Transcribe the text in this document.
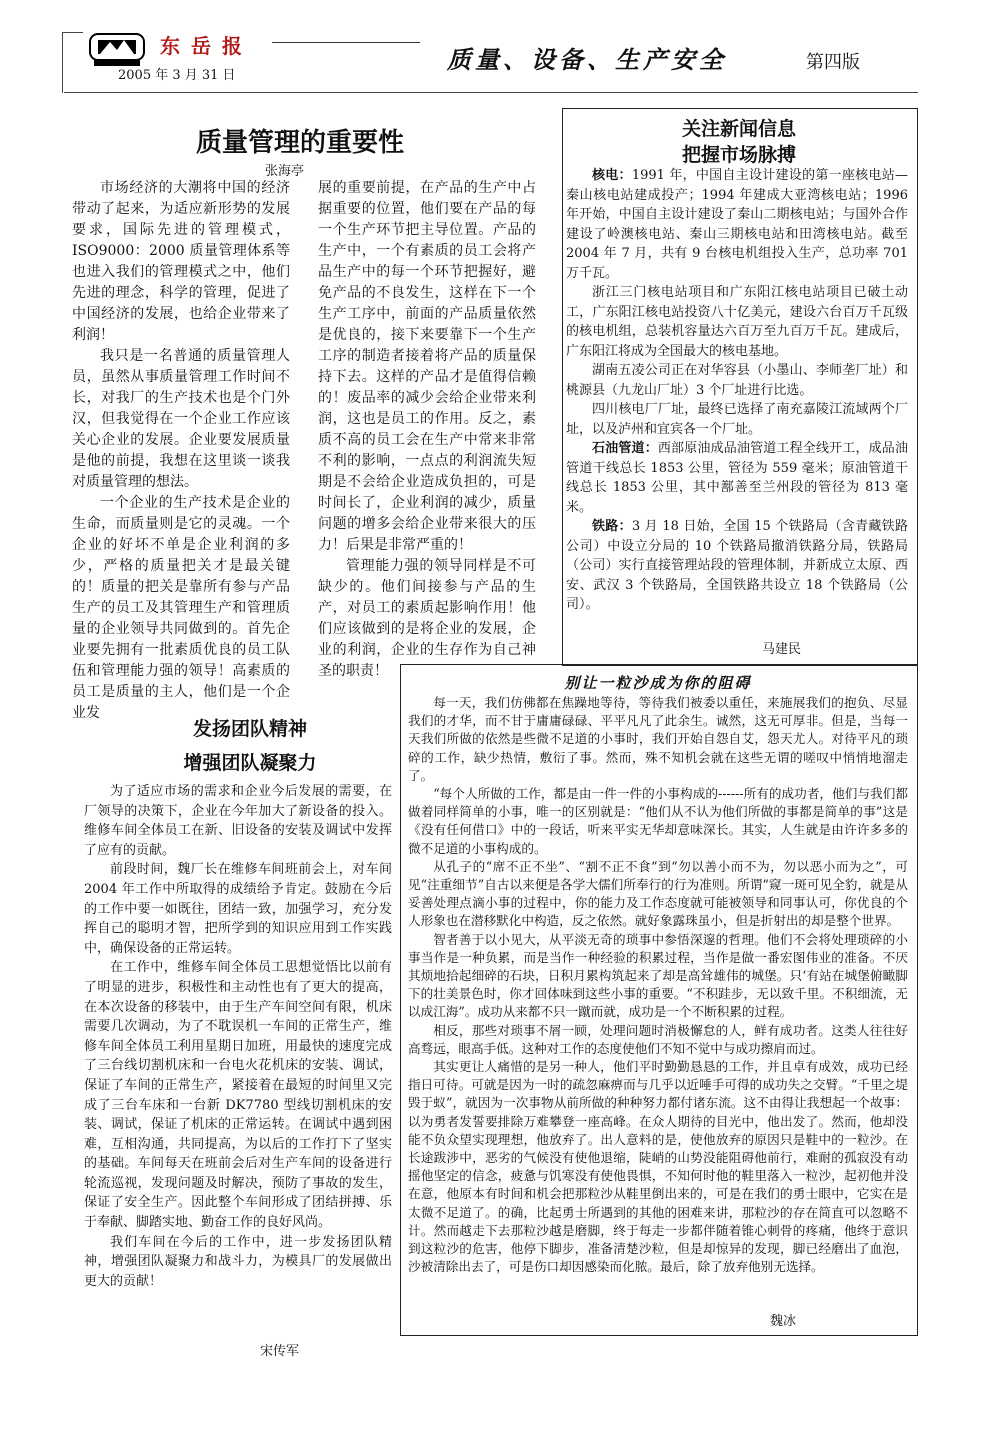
东 岳 报
2005 年 3 月 31 日
质量、设备、生产安全	第四版
质量管理的重要性
张海亭

市场经济的大潮将中国的经济带动了起来，为适应新形势的发展要求，国际先进的管理模式，ISO9000：2000 质量管理体系等也进入我们的管理模式之中，他们先进的理念，科学的管理，促进了中国经济的发展，也给企业带来了利润！

我只是一名普通的质量管理人员，虽然从事质量管理工作时间不长，对我厂的生产技术也是个门外汉，但我觉得在一个企业工作应该关心企业的发展。企业要发展质量是他的前提，我想在这里谈一谈我对质量管理的想法。

一个企业的生产技术是企业的生命，而质量则是它的灵魂。一个企业的好坏不单是企业利润的多少，严格的质量把关才是最关键的！质量的把关是靠所有参与产品生产的员工及其管理生产和管理质量的企业领导共同做到的。首先企业要先拥有一批素质优良的员工队伍和管理能力强的领导！高素质的员工是质量的主人，他们是一个企业发

展的重要前提，在产品的生产中占据重要的位置，他们要在产品的每一个生产环节把主导位置。产品的生产中，一个有素质的员工会将产品生产中的每一个环节把握好，避免产品的不良发生，这样在下一个生产工序中，前面的产品质量依然是优良的，接下来要靠下一个生产工序的制造者接着将产品的质量保持下去。这样的产品才是值得信赖的！废品率的减少会给企业带来利润，这也是员工的作用。反之，素质不高的员工会在生产中常来非常不利的影响，一点点的利润流失短期是不会给企业造成负担的，可是时间长了，企业利润的减少，质量问题的增多会给企业带来很大的压力！后果是非常严重的！

管理能力强的领导同样是不可缺少的。他们间接参与产品的生产，对员工的素质起影响作用！他们应该做到的是将企业的发展，企业的利润，企业的生存作为自己神圣的职责！

关注新闻信息
把握市场脉搏

核电：1991 年，中国自主设计建设的第一座核电站—秦山核电站建成投产；1994 年建成大亚湾核电站；1996 年开始，中国自主设计建设了秦山二期核电站；与国外合作建设了岭澳核电站、秦山三期核电站和田湾核电站。截至 2004 年 7 月，共有 9 台核电机组投入生产，总功率 701 万千瓦。

浙江三门核电站项目和广东阳江核电站项目已破土动工，广东阳江核电站投资八十亿美元，建设六台百万千瓦级的核电机组，总装机容量达六百万至九百万千瓦。建成后，广东阳江将成为全国最大的核电基地。

湖南五凌公司正在对华容县（小墨山、李师垄厂址）和桃源县（九龙山厂址）3 个厂址进行比选。

四川核电厂厂址，最终已选择了南充嘉陵江流域两个厂址，以及泸州和宜宾各一个厂址。

石油管道：西部原油成品油管道工程全线开工，成品油管道干线总长 1853 公里，管径为 559 毫米；原油管道干线总长 1853 公里，其中鄯善至兰州段的管径为 813 毫米。

铁路：3 月 18 日始，全国 15 个铁路局（含青藏铁路公司）中设立分局的 10 个铁路局撤消铁路分局，铁路局（公司）实行直接管理站段的管理体制，并新成立太原、西安、武汉 3 个铁路局，全国铁路共设立 18 个铁路局（公司）。

马建民
发扬团队精神
增强团队凝聚力

为了适应市场的需求和企业今后发展的需要，在厂领导的决策下，企业在今年加大了新设备的投入。维修车间全体员工在新、旧设备的安装及调试中发挥了应有的贡献。

前段时间，魏厂长在维修车间班前会上，对车间 2004 年工作中所取得的成绩给予肯定。鼓励在今后的工作中要一如既往，团结一致，加强学习，充分发挥自己的聪明才智，把所学到的知识应用到工作实践中，确保设备的正常运转。

在工作中，维修车间全体员工思想觉悟比以前有了明显的进步，积极性和主动性也有了更大的提高，在本次设备的移装中，由于生产车间空间有限，机床需要几次调动，为了不耽误机一车间的正常生产，维修车间全体员工利用星期日加班，用最快的速度完成了三台线切割机床和一台电火花机床的安装、调试，保证了车间的正常生产，紧接着在最短的时间里又完成了三台车床和一台新 DK7780 型线切割机床的安装、调试，保证了机床的正常运转。在调试中遇到困难，互相沟通，共同提高，为以后的工作打下了坚实的基础。车间每天在班前会后对生产车间的设备进行轮流巡视，发现问题及时解决，预防了事故的发生，保证了安全生产。因此整个车间形成了团结拼搏、乐于奉献、脚踏实地、勤奋工作的良好风尚。

我们车间在今后的工作中，进一步发扬团队精神，增强团队凝聚力和战斗力，为模具厂的发展做出更大的贡献！

宋传军
别让一粒沙成为你的阻碍

每一天，我们仿佛都在焦躁地等待，等待我们被委以重任，来施展我们的抱负、尽显我们的才华，而不甘于庸庸碌碌、平平凡凡了此余生。诚然，这无可厚非。但是，当每一天我们所做的依然是些微不足道的小事时，我们开始自怨自艾，怨天尤人。对待平凡的琐碎的工作，缺少热情，敷衍了事。然而，殊不知机会就在这些无谓的嗟叹中悄悄地溜走了。

“每个人所做的工作，都是由一件一件的小事构成的------所有的成功者，他们与我们都做着同样简单的小事，唯一的区别就是：“他们从不认为他们所做的事都是简单的事”这是《没有任何借口》中的一段话，听来平实无华却意味深长。其实，人生就是由许许多多的微不足道的小事构成的。

从孔子的“席不正不坐”、“割不正不食”到“勿以善小而不为，勿以恶小而为之”，可见“注重细节”自古以来便是各学大儒们所奉行的行为准则。所谓“窥一斑可见全豹，就是从妥善处理点滴小事的过程中，你的能力及工作态度就可能被领导和同事认可，你优良的个人形象也在潜移默化中构造，反之依然。就好象露珠虽小，但是折射出的却是整个世界。

智者善于以小见大，从平淡无奇的琐事中参悟深邃的哲理。他们不会将处理琐碎的小事当作是一种负累，而是当作一种经验的积累过程，当作是做一番宏图伟业的准备。不厌其烦地拾起细碎的石块，日积月累构筑起来了却是高耸雄伟的城堡。只‘有站在城堡俯瞰脚下的壮美景色时，你才回体味到这些小事的重要。“不积跬步，无以致千里。不积细流，无以成江海”。成功从来都不只一蹴而就，成功是一个不断积累的过程。

相反，那些对琐事不屑一顾，处理问题时消极懈怠的人，鲜有成功者。这类人往往好高骛远，眼高手低。这种对工作的态度使他们不知不觉中与成功擦肩而过。

其实更让人痛惜的是另一种人，他们平时勤勤恳恳的工作，并且卓有成效，成功已经指日可待。可就是因为一时的疏忽麻痹而与几乎以近唾手可得的成功失之交臂。“千里之堤毁于蚁”，就因为一次事物从前所做的种种努力都付诸东流。这不由得让我想起一个故事：以为勇者发誓要排除万难攀登一座高峰。在众人期待的目光中，他出发了。然而，他却没能不负众望实现理想，他放弃了。出人意料的是，使他放弃的原因只是鞋中的一粒沙。在长途跋涉中，恶劣的气候没有使他退缩，陡峭的山势没能阻碍他前行，难耐的孤寂没有动摇他坚定的信念，疲惫与饥寒没有使他畏惧，不知何时他的鞋里落入一粒沙，起初他并没在意，他原本有时间和机会把那粒沙从鞋里倒出来的，可是在我们的勇士眼中，它实在是太微不足道了。的确，比起勇士所遇到的其他的困难来讲，那粒沙的存在简直可以忽略不计。然而越走下去那粒沙越是磨脚，终于每走一步都伴随着锥心刺骨的疼痛，他终于意识到这粒沙的危害，他停下脚步，准备清楚沙粒，但是却惊异的发现，脚已经磨出了血泡，沙被清除出去了，可是伤口却因感染而化脓。最后，除了放弃他别无选择。

魏冰
